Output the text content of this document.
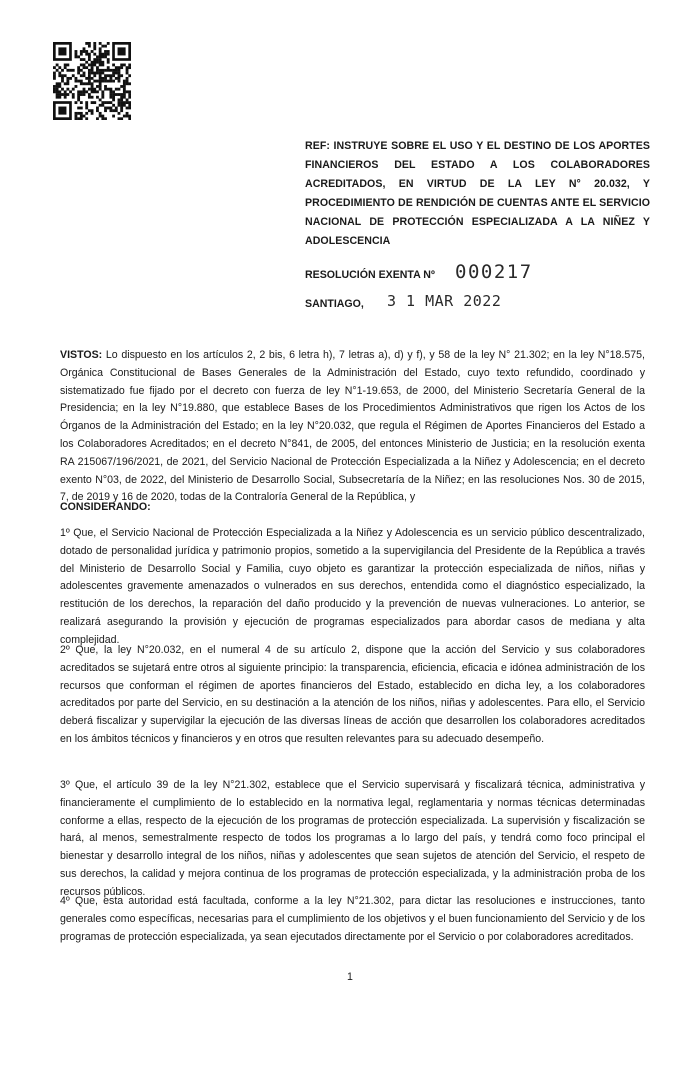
REF: INSTRUYE SOBRE EL USO Y EL DESTINO DE LOS APORTES FINANCIEROS DEL ESTADO A LOS COLABORADORES ACREDITADOS, EN VIRTUD DE LA LEY N° 20.032, Y PROCEDIMIENTO DE RENDICIÓN DE CUENTAS ANTE EL SERVICIO NACIONAL DE PROTECCIÓN ESPECIALIZADA A LA NIÑEZ Y ADOLESCENCIA
RESOLUCIÓN EXENTA Nº 000217
SANTIAGO, 3 1 MAR 2022
VISTOS: Lo dispuesto en los artículos 2, 2 bis, 6 letra h), 7 letras a), d) y f), y 58 de la ley N° 21.302; en la ley N°18.575, Orgánica Constitucional de Bases Generales de la Administración del Estado, cuyo texto refundido, coordinado y sistematizado fue fijado por el decreto con fuerza de ley N°1-19.653, de 2000, del Ministerio Secretaría General de la Presidencia; en la ley N°19.880, que establece Bases de los Procedimientos Administrativos que rigen los Actos de los Órganos de la Administración del Estado; en la ley N°20.032, que regula el Régimen de Aportes Financieros del Estado a los Colaboradores Acreditados; en el decreto N°841, de 2005, del entonces Ministerio de Justicia; en la resolución exenta RA 215067/196/2021, de 2021, del Servicio Nacional de Protección Especializada a la Niñez y Adolescencia; en el decreto exento N°03, de 2022, del Ministerio de Desarrollo Social, Subsecretaría de la Niñez; en las resoluciones Nos. 30 de 2015, 7, de 2019 y 16 de 2020, todas de la Contraloría General de la República, y
CONSIDERANDO:
1º Que, el Servicio Nacional de Protección Especializada a la Niñez y Adolescencia es un servicio público descentralizado, dotado de personalidad jurídica y patrimonio propios, sometido a la supervigilancia del Presidente de la República a través del Ministerio de Desarrollo Social y Familia, cuyo objeto es garantizar la protección especializada de niños, niñas y adolescentes gravemente amenazados o vulnerados en sus derechos, entendida como el diagnóstico especializado, la restitución de los derechos, la reparación del daño producido y la prevención de nuevas vulneraciones. Lo anterior, se realizará asegurando la provisión y ejecución de programas especializados para abordar casos de mediana y alta complejidad.
2º Que, la ley N°20.032, en el numeral 4 de su artículo 2, dispone que la acción del Servicio y sus colaboradores acreditados se sujetará entre otros al siguiente principio: la transparencia, eficiencia, eficacia e idónea administración de los recursos que conforman el régimen de aportes financieros del Estado, establecido en dicha ley, a los colaboradores acreditados por parte del Servicio, en su destinación a la atención de los niños, niñas y adolescentes. Para ello, el Servicio deberá fiscalizar y supervigilar la ejecución de las diversas líneas de acción que desarrollen los colaboradores acreditados en los ámbitos técnicos y financieros y en otros que resulten relevantes para su adecuado desempeño.
3º Que, el artículo 39 de la ley N°21.302, establece que el Servicio supervisará y fiscalizará técnica, administrativa y financieramente el cumplimiento de lo establecido en la normativa legal, reglamentaria y normas técnicas determinadas conforme a ellas, respecto de la ejecución de los programas de protección especializada. La supervisión y fiscalización se hará, al menos, semestralmente respecto de todos los programas a lo largo del país, y tendrá como foco principal el bienestar y desarrollo integral de los niños, niñas y adolescentes que sean sujetos de atención del Servicio, el respeto de sus derechos, la calidad y mejora continua de los programas de protección especializada, y la administración proba de los recursos públicos.
4º Que, esta autoridad está facultada, conforme a la ley N°21.302, para dictar las resoluciones e instrucciones, tanto generales como específicas, necesarias para el cumplimiento de los objetivos y el buen funcionamiento del Servicio y de los programas de protección especializada, ya sean ejecutados directamente por el Servicio o por colaboradores acreditados.
1
